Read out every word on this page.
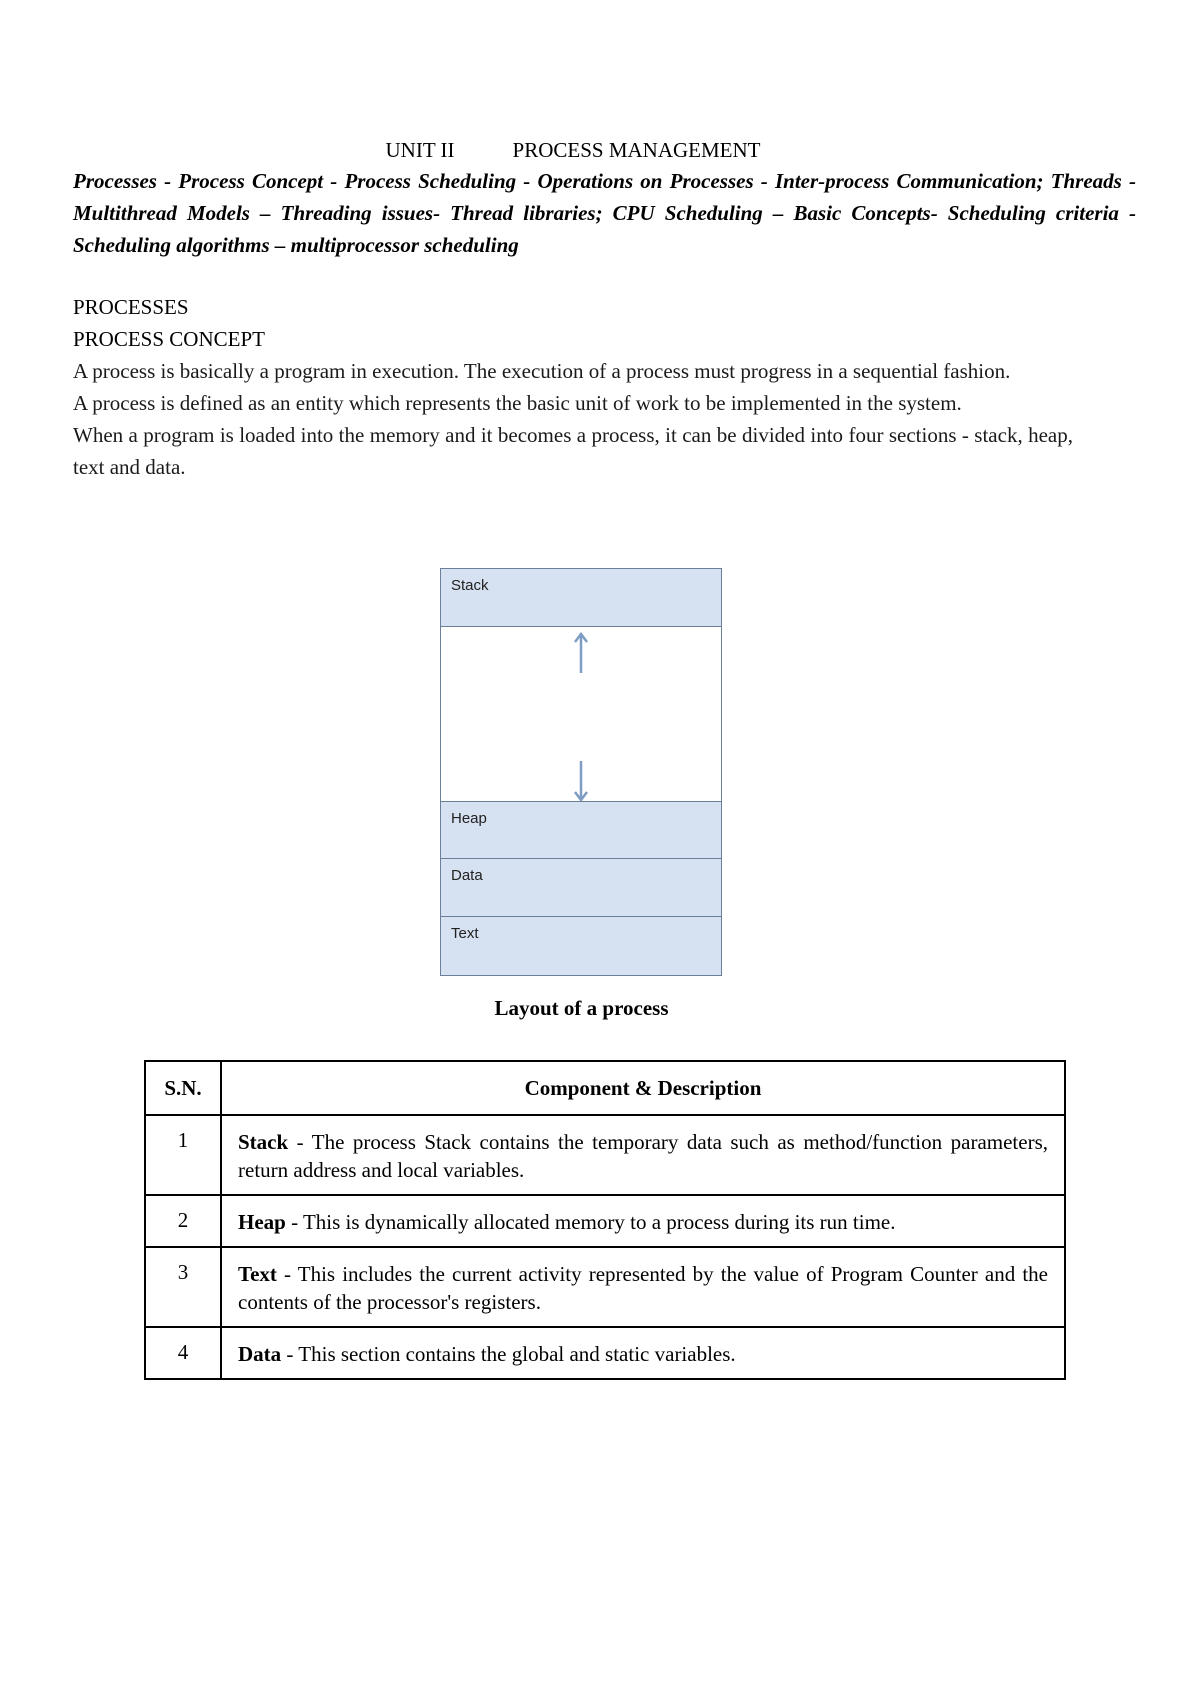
UNIT II	PROCESS MANAGEMENT
Processes - Process Concept - Process Scheduling - Operations on Processes - Inter-process Communication; Threads - Multithread Models – Threading issues- Thread libraries; CPU Scheduling – Basic Concepts- Scheduling criteria - Scheduling algorithms – multiprocessor scheduling
PROCESSES
PROCESS CONCEPT
A process is basically a program in execution. The execution of a process must progress in a sequential fashion.
A process is defined as an entity which represents the basic unit of work to be implemented in the system.
When a program is loaded into the memory and it becomes a process, it can be divided into four sections - stack, heap, text and data.
Stack
Heap
Data
Text
Layout of a process
S.N.	Component & Description
1	Stack - The process Stack contains the temporary data such as method/function parameters, return address and local variables.
2	Heap - This is dynamically allocated memory to a process during its run time.
3	Text - This includes the current activity represented by the value of Program Counter and the contents of the processor's registers.
4	Data - This section contains the global and static variables.
